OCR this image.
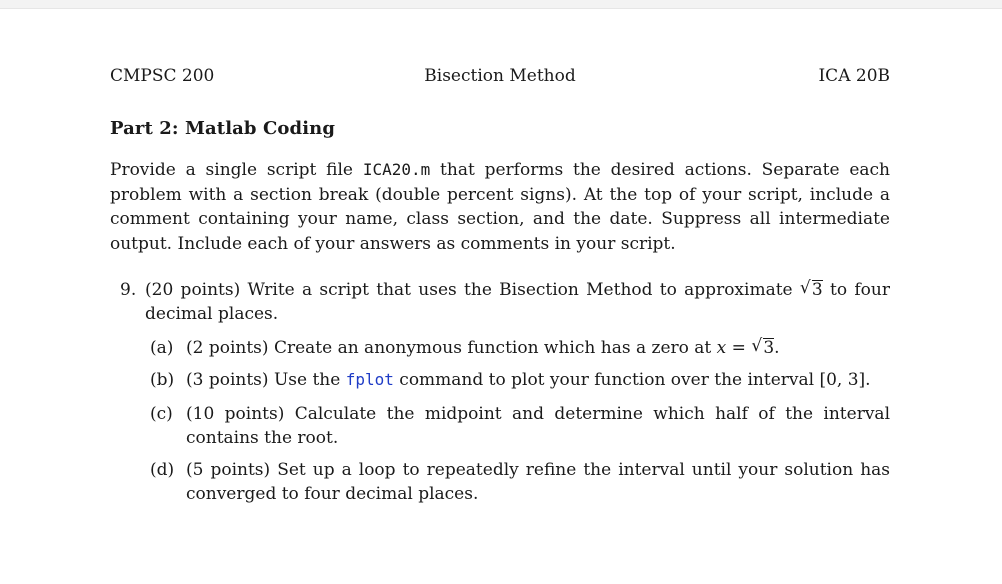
CMPSC 200	Bisection Method	ICA 20B
Part 2: Matlab Coding
Provide a single script file ICA20.m that performs the desired actions. Separate each problem with a section break (double percent signs). At the top of your script, include a comment containing your name, class section, and the date. Suppress all intermediate output. Include each of your answers as comments in your script.
9. (20 points) Write a script that uses the Bisection Method to approximate √ 3 to four decimal places.
(a) (2 points) Create an anonymous function which has a zero at x = √ 3.
(b) (3 points) Use the fplot command to plot your function over the interval [0, 3].
(c) (10 points) Calculate the midpoint and determine which half of the interval contains the root.
(d) (5 points) Set up a loop to repeatedly refine the interval until your solution has converged to four decimal places.
